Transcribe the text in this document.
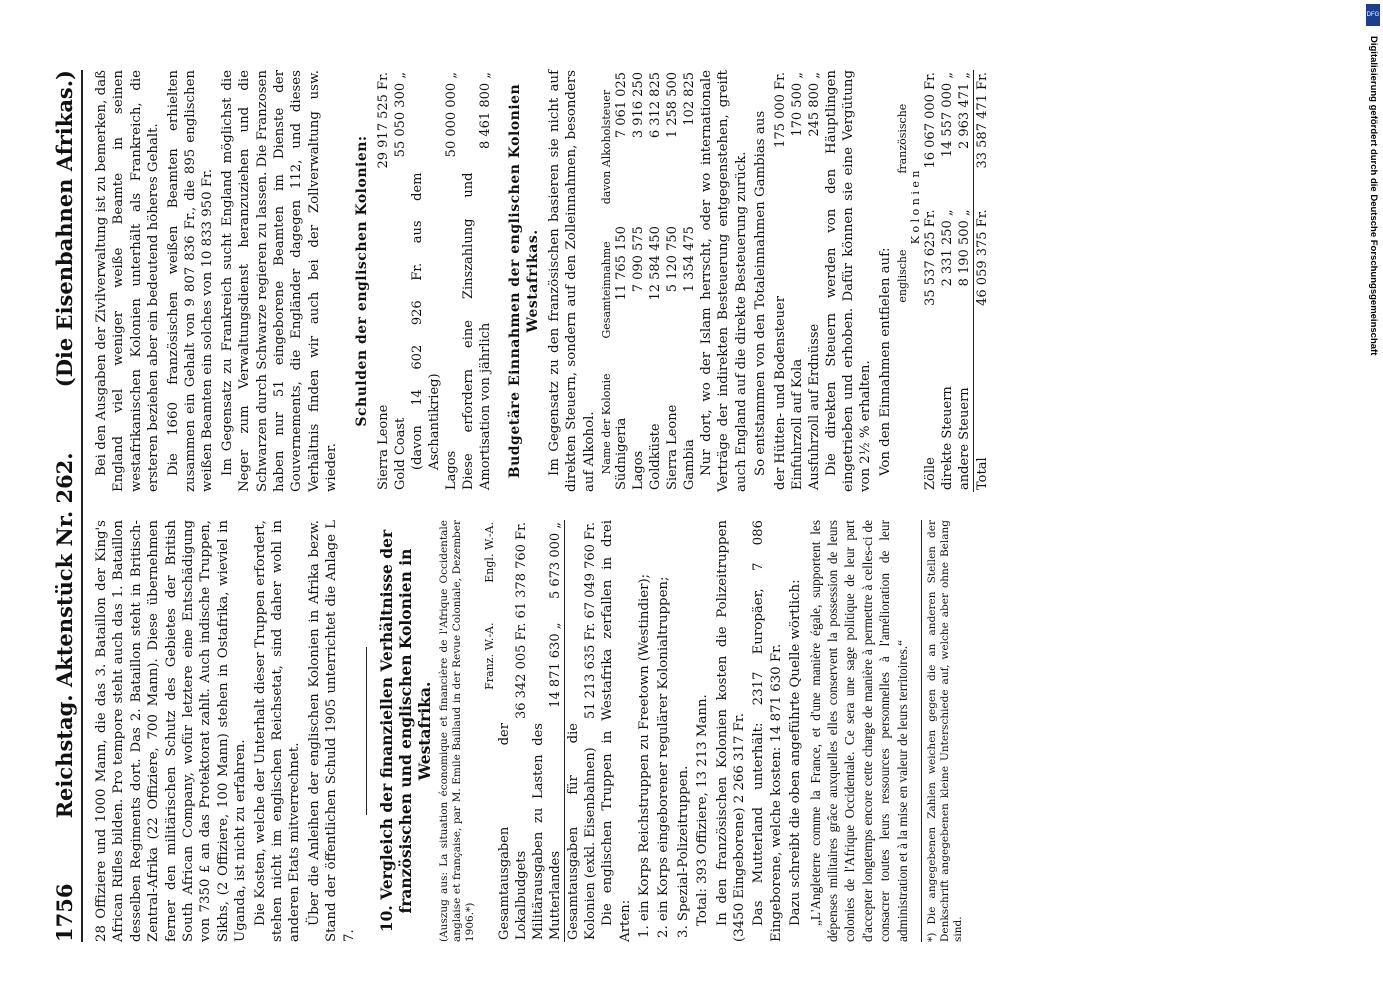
1756
Reichstag. Aktenstück Nr. 262.
(Die Eisenbahnen Afrikas.)

28 Offiziere und 1000 Mann, die das 3. Bataillon der King's African Rifles bilden. Pro tempore steht auch das 1. Bataillon desselben Regiments dort. Das 2. Bataillon steht in Britisch-Zentral-Afrika (22 Offiziere, 700 Mann). Diese übernehmen ferner den militärischen Schutz des Gebietes der British South African Company, wofür letztere eine Entschädigung von 7350 £ an das Protektorat zahlt. Auch indische Truppen, Sikhs, (2 Offiziere, 100 Mann) stehen in Ostafrika, wieviel in Uganda, ist nicht zu erfahren. Die Kosten, welche der Unterhalt dieser Truppen erfordert, stehen nicht im englischen Reichsetat, sind daher wohl in anderen Etats mitverrechnet. Über die Anleihen der englischen Kolonien in Afrika bezw. Stand der öffentlichen Schuld 1905 unterrichtet die Anlage L 7.

10. Vergleich der finanziellen Verhältnisse der französischen und englischen Kolonien in Westafrika. (Auszug aus: La situation économique et financière de l'Afrique Occidentale anglaise et française, par M. Emile Baillaud in der Revue Coloniale, Dezember 1906.*)
	Franz. W.-A.	Engl. W.-A.
Gesamtausgaben der Lokalbudgets	36 342 005 Fr.	61 378 760 Fr.
Militärausgaben zu Lasten des Mutterlandes	14 871 630 „	5 673 000 „
Gesamtausgaben für die Kolonien (exkl. Eisenbahnen)	51 213 635 Fr.	67 049 760 Fr. Die englischen Truppen in Westafrika zerfallen in drei Arten: 1. ein Korps Reichstruppen zu Freetown (Westindier); 2. ein Korps eingeborener regulärer Kolonialtruppen; 3. Spezial-Polizeitruppen. Total: 393 Offiziere, 13 213 Mann. In den französischen Kolonien kosten die Polizeitruppen (3450 Eingeborene) 2 266 317 Fr. Das Mutterland unterhält: 2317 Europäer, 7 086 Eingeborene, welche kosten: 14 871 630 Fr. Dazu schreibt die oben angeführte Quelle wörtlich: „L'Angleterre comme la France, et d'une manière égale, supportent les dépenses militaires grâce auxquelles elles conservent la possession de leurs colonies de l'Afrique Occidentale. Ce sera une sage politique de leur part d'accepter longtemps encore cette charge de manière à permettre à celles-ci de consacrer toutes leurs ressources personnelles à l'amélioration de leur administration et à la mise en valeur de leurs territoires.“	*) Die angegebenen Zahlen weichen gegen die an anderen Stellen der Denkschrift angegebenen kleine Unterschiede auf, welche aber ohne Belang sind.

Bei den Ausgaben der Zivilverwaltung ist zu bemerken, daß England viel weniger weiße Beamte in seinen westafrikanischen Kolonien unterhält als Frankreich, die ersteren beziehen aber ein bedeutend höheres Gehalt. Die 1660 französischen weißen Beamten erhielten zusammen ein Gehalt von 9 807 836 Fr., die 895 englischen weißen Beamten ein solches von 10 833 950 Fr. Im Gegensatz zu Frankreich sucht England möglichst die Neger zum Verwaltungsdienst heranzuziehen und die Schwarzen durch Schwarze regieren zu lassen. Die Franzosen haben nur 51 eingeborene Beamten im Dienste der Gouvernements, die Engländer dagegen 112, und dieses Verhältnis finden wir auch bei der Zollverwaltung usw. wieder.

Schulden der englischen Kolonien:
Sierra Leone	29 917 525 Fr.
Gold Coast	55 050 300 „
(davon 14 602 926 Fr. aus dem Aschantikrieg)	
Lagos	50 000 000 „
Diese erfordern eine Zinszahlung und Amortisation von jährlich	8 461 800 „ Budgetäre Einnahmen der englischen Kolonien Westafrikas. Im Gegensatz zu den französischen basieren sie nicht auf direkten Steuern, sondern auf den Zolleinnahmen, besonders auf Alkohol. Name der Kolonie	Gesamteinnahme	davon Alkoholsteuer
Südnigeria	11 765 150	7 061 025
Lagos	7 090 575	3 916 250
Goldküste	12 584 450	6 312 825
Sierra Leone	5 120 750	1 258 500
Gambia	1 354 475	102 825 Nur dort, wo der Islam herrscht, oder wo internationale Verträge der indirekten Besteuerung entgegenstehen, greift auch England auf die direkte Besteuerung zurück. So entstammen von den Totaleinnahmen Gambias aus der Hütten- und Bodensteuer	175 000 Fr.
Einfuhrzoll auf Kola	170 500 „
Ausfuhrzoll auf Erdnüsse	245 800 „ Die direkten Steuern werden von den Häuptlingen eingetrieben und erhoben. Dafür können sie eine Vergütung von 2½ % erhalten. Von den Einnahmen entfielen auf:

	englische	französische
	K o l o n i e n	
Zölle	35 537 625 Fr.	16 067 000 Fr.
direkte Steuern	2 331 250 „	14 557 000 „
andere Steuern	8 190 500 „	2 963 471 „
Total	46 059 375 Fr.	33 587 471 Fr.
DFG
Digitalisierung gefördert durch die Deutsche Forschungsgemeinschaft
